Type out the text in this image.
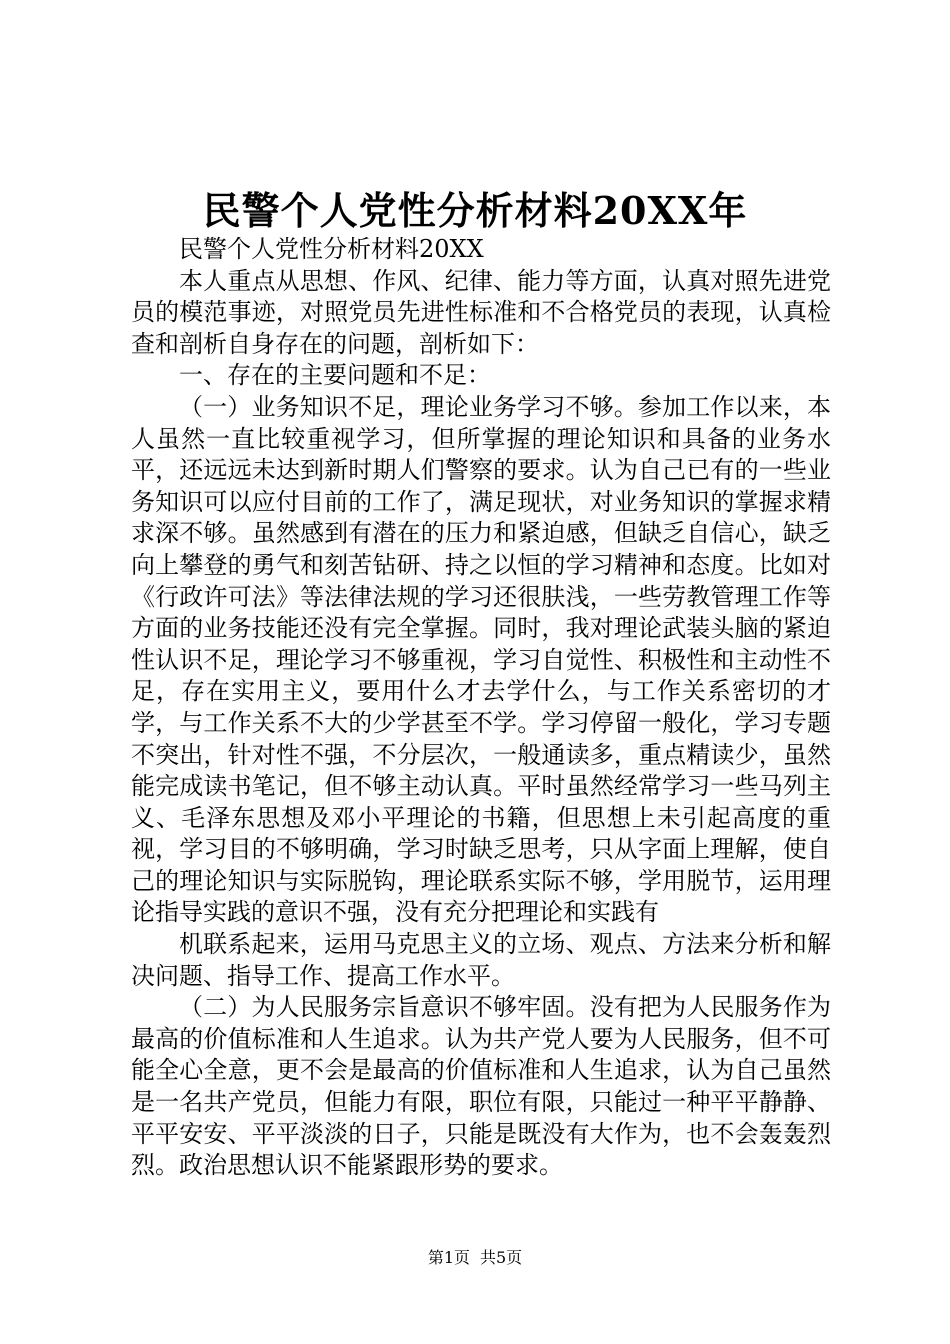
民警个人党性分析材料20XX年

民警个人党性分析材料20XX

本人重点从思想、作风、纪律、能力等方面，认真对照先进党员的模范事迹，对照党员先进性标准和不合格党员的表现，认真检查和剖析自身存在的问题，剖析如下：

一、存在的主要问题和不足：

（一）业务知识不足，理论业务学习不够。参加工作以来，本人虽然一直比较重视学习，但所掌握的理论知识和具备的业务水平，还远远未达到新时期人们警察的要求。认为自己已有的一些业务知识可以应付目前的工作了，满足现状，对业务知识的掌握求精求深不够。虽然感到有潜在的压力和紧迫感，但缺乏自信心，缺乏向上攀登的勇气和刻苦钻研、持之以恒的学习精神和态度。比如对《行政许可法》等法律法规的学习还很肤浅，一些劳教管理工作等方面的业务技能还没有完全掌握。同时，我对理论武装头脑的紧迫性认识不足，理论学习不够重视，学习自觉性、积极性和主动性不足，存在实用主义，要用什么才去学什么，与工作关系密切的才学，与工作关系不大的少学甚至不学。学习停留一般化，学习专题不突出，针对性不强，不分层次，一般通读多，重点精读少，虽然能完成读书笔记，但不够主动认真。平时虽然经常学习一些马列主义、毛泽东思想及邓小平理论的书籍，但思想上未引起高度的重视，学习目的不够明确，学习时缺乏思考，只从字面上理解，使自己的理论知识与实际脱钩，理论联系实际不够，学用脱节，运用理论指导实践的意识不强，没有充分把理论和实践有

机联系起来，运用马克思主义的立场、观点、方法来分析和解决问题、指导工作、提高工作水平。

（二）为人民服务宗旨意识不够牢固。没有把为人民服务作为最高的价值标准和人生追求。认为共产党人要为人民服务，但不可能全心全意，更不会是最高的价值标准和人生追求，认为自己虽然是一名共产党员，但能力有限，职位有限，只能过一种平平静静、平平安安、平平淡淡的日子，只能是既没有大作为，也不会轰轰烈烈。政治思想认识不能紧跟形势的要求。

第1页 共5页
